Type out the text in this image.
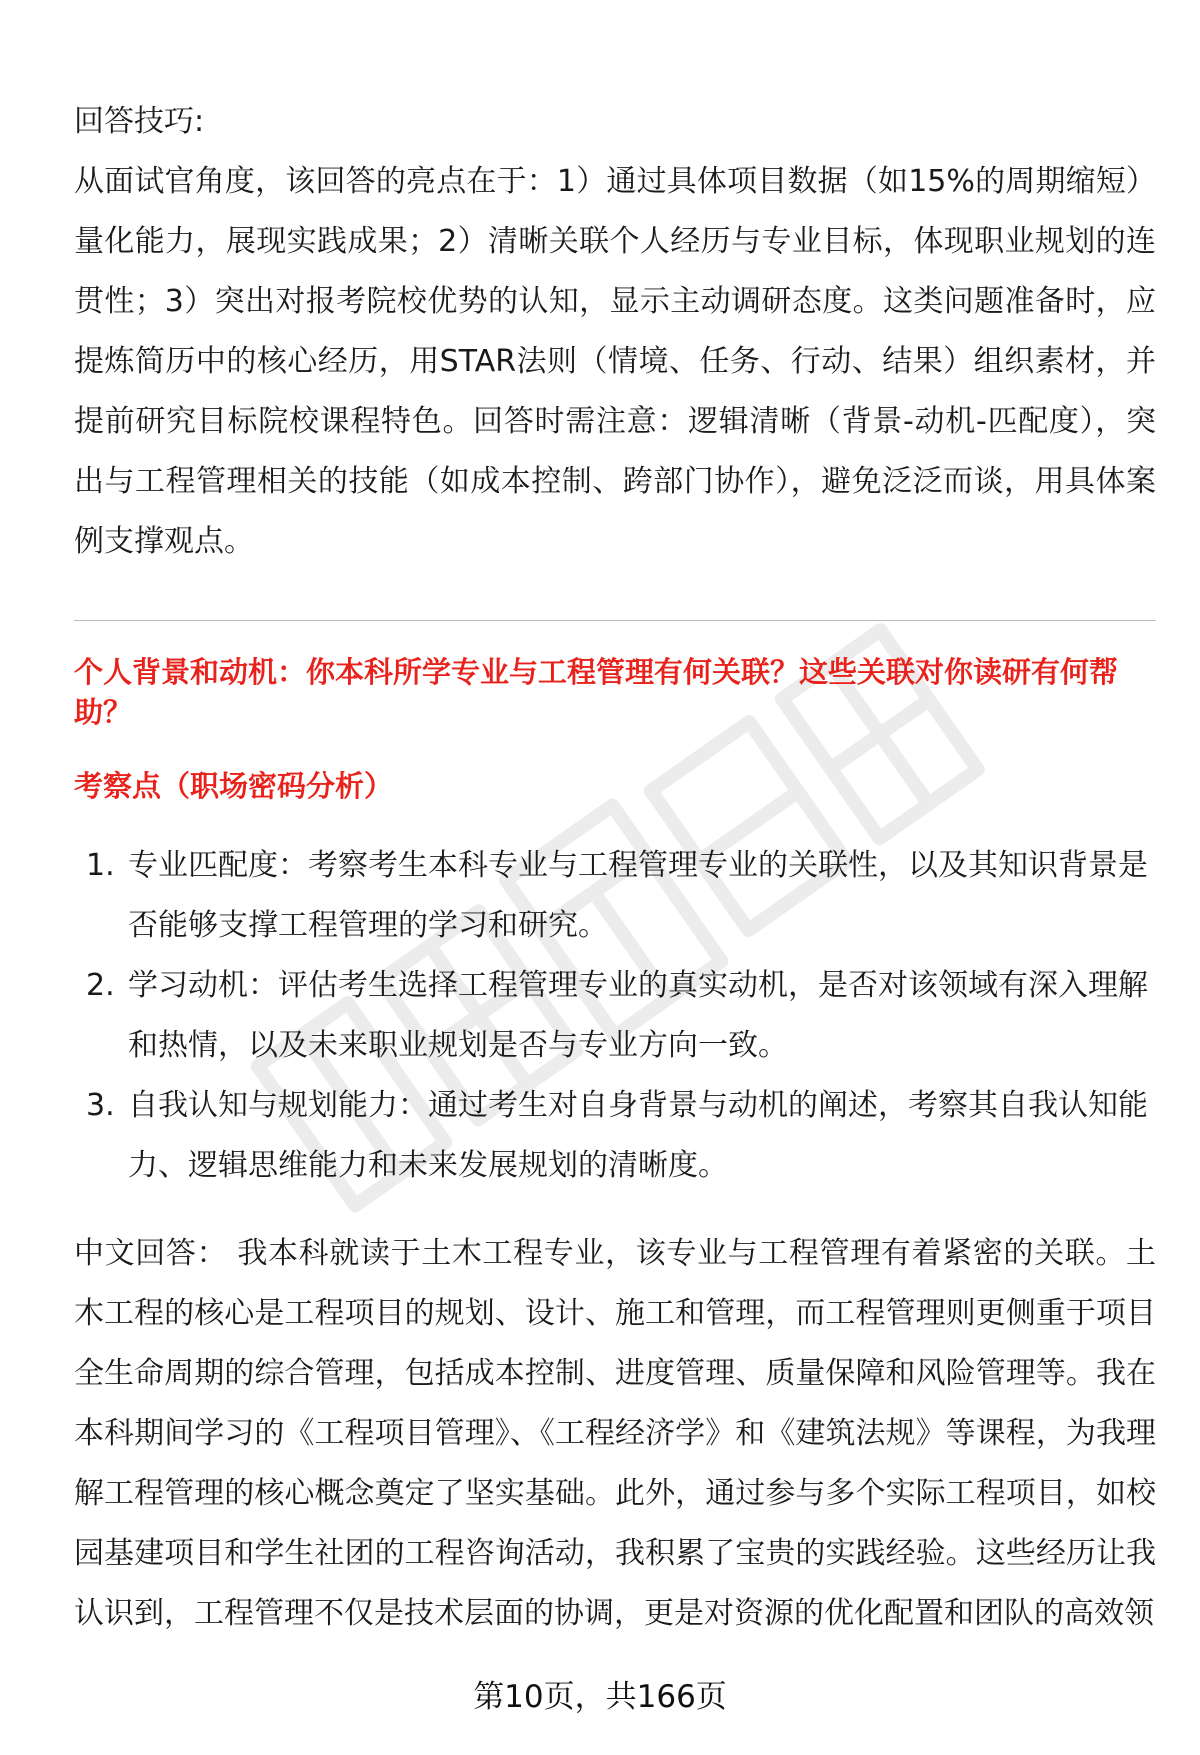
回答技巧:

从面试官角度，该回答的亮点在于：1）通过具体项目数据（如15%的周期缩短）量化能力，展现实践成果；2）清晰关联个人经历与专业目标，体现职业规划的连贯性；3）突出对报考院校优势的认知，显示主动调研态度。这类问题准备时，应提炼简历中的核心经历，用STAR法则（情境、任务、行动、结果）组织素材，并提前研究目标院校课程特色。回答时需注意：逻辑清晰（背景-动机-匹配度），突出与工程管理相关的技能（如成本控制、跨部门协作），避免泛泛而谈，用具体案例支撑观点。

个人背景和动机：你本科所学专业与工程管理有何关联？这些关联对你读研有何帮助？

考察点（职场密码分析）

1. 专业匹配度：考察考生本科专业与工程管理专业的关联性，以及其知识背景是否能够支撑工程管理的学习和研究。
2. 学习动机：评估考生选择工程管理专业的真实动机，是否对该领域有深入理解和热情，以及未来职业规划是否与专业方向一致。
3. 自我认知与规划能力：通过考生对自身背景与动机的阐述，考察其自我认知能力、逻辑思维能力和未来发展规划的清晰度。

中文回答： 我本科就读于土木工程专业，该专业与工程管理有着紧密的关联。土木工程的核心是工程项目的规划、设计、施工和管理，而工程管理则更侧重于项目全生命周期的综合管理，包括成本控制、进度管理、质量保障和风险管理等。我在本科期间学习的《工程项目管理》、《工程经济学》和《建筑法规》等课程，为我理解工程管理的核心概念奠定了坚实基础。此外，通过参与多个实际工程项目，如校园基建项目和学生社团的工程咨询活动，我积累了宝贵的实践经验。这些经历让我认识到，工程管理不仅是技术层面的协调，更是对资源的优化配置和团队的高效领

第10页，共166页
